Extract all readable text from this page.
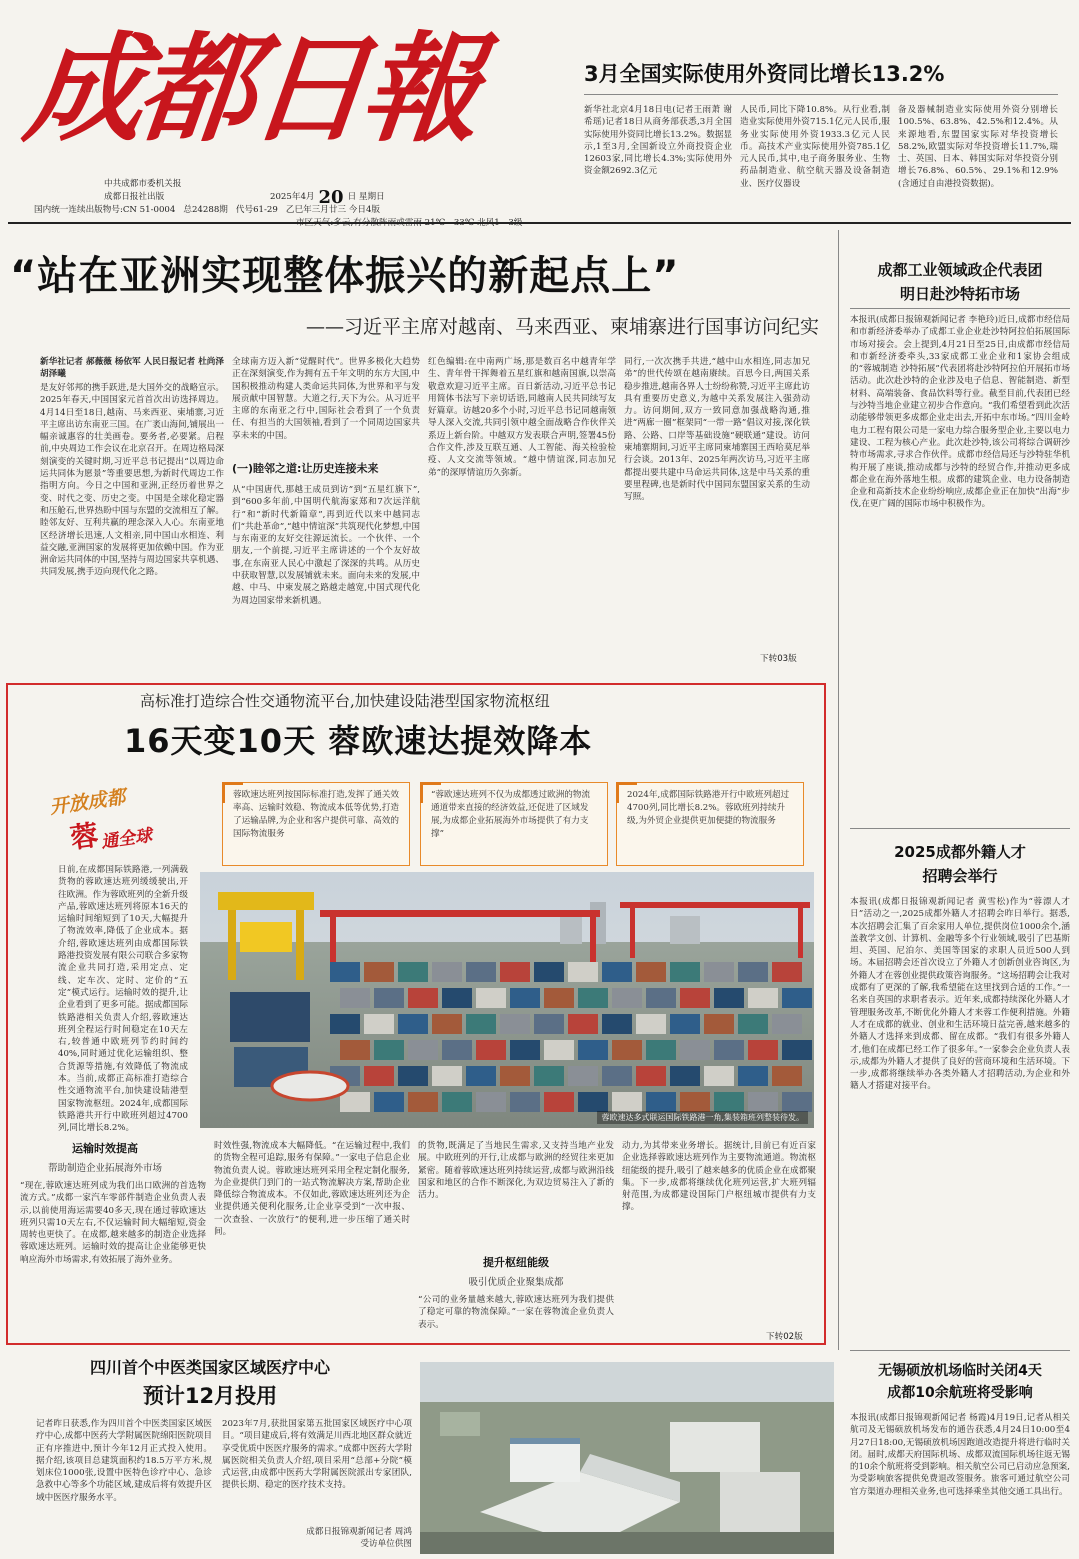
成都日報
中共成都市委机关报
成都日报社出版	2025年4月 20 日 星期日
国内统一连续出版物号:CN 51-0004 总24288期 代号61-29 乙巳年三月廿三 今日4版
3月全国实际使用外资同比增长13.2%
新华社北京4月18日电(记者王雨萧 谢希瑶)记者18日从商务部获悉,3月全国实际使用外资同比增长13.2%。数据显示,1至3月,全国新设立外商投资企业12603家,同比增长4.3%;实际使用外资金额2692.3亿元
人民币,同比下降10.8%。从行业看,制造业实际使用外资715.1亿元人民币,服务业实际使用外资1933.3亿元人民币。高技术产业实际使用外资785.1亿元人民币,其中,电子商务服务业、生物药品制造业、航空航天器及设备制造业、医疗仪器设
备及器械制造业实际使用外资分别增长100.5%、63.8%、42.5%和12.4%。从来源地看,东盟国家实际对华投资增长58.2%,欧盟实际对华投资增长11.7%,瑞士、英国、日本、韩国实际对华投资分别增长76.8%、60.5%、29.1%和12.9%(含通过自由港投资数据)。
“站在亚洲实现整体振兴的新起点上”
——习近平主席对越南、马来西亚、柬埔寨进行国事访问纪实
新华社记者 郝薇薇 杨依军 人民日报记者 杜尚泽 胡泽曦
是友好邻邦的携手跃进,是大国外交的战略宣示。2025年春天,中国国家元首首次出访选择周边。4月14日至18日,越南、马来西亚、柬埔寨,习近平主席出访东南亚三国。在广袤山海间,铺展出一幅亲诚惠容的壮美画卷。要务者,必要紧。启程前,中央周边工作会议在北京召开。在周边格局深刻演变的关键时期,习近平总书记提出“以周边命运共同体为愿景”等重要思想,为新时代周边工作指明方向。今日之中国和亚洲,正经历着世界之变、时代之变、历史之变。中国是全球化稳定器和压舱石,世界热盼中国与东盟的交流相互了解。睦邻友好、互利共赢的理念深入人心。东南亚地区经济增长迅速,人文相亲,同中国山水相连、利益交融,亚洲国家的发展将更加依赖中国。作为亚洲命运共同体的中国,坚持与周边国家共享机遇、共同发展,携手迈向现代化之路。
全球南方迈入新“觉醒时代”。世界多极化大趋势正在深刻演变,作为拥有五千年文明的东方大国,中国积极推动构建人类命运共同体,为世界和平与发展贡献中国智慧。大道之行,天下为公。从习近平主席的东南亚之行中,国际社会看到了一个负责任、有担当的大国领袖,看到了一个同周边国家共享未来的中国。
(一)睦邻之道:让历史连接未来
从“中国唐代,那越王成员到访”到“五星红旗下”,到“600多年前,中国明代航海家郑和7次远洋航行”和“新时代新篇章”,再到近代以来中越同志们“共赴革命”,“越中情谊深”共筑现代化梦想,中国与东南亚的友好交往源远流长。一个伙伴、一个朋友,一个前提,习近平主席讲述的一个个友好故事,在东南亚人民心中激起了深深的共鸣。从历史中获取智慧,以发展铺就未来。面向未来的发展,中越、中马、中柬发展之路越走越宽,中国式现代化为周边国家带来新机遇。
红色编辑:在中南两广场,那是数百名中越青年学生、青年骨干挥舞着五星红旗和越南国旗,以崇高敬意欢迎习近平主席。百日新活动,习近平总书记用简体书法写下亲切话语,同越南人民共同续写友好篇章。访越20多个小时,习近平总书记同越南领导人深入交流,共同引领中越全面战略合作伙伴关系迈上新台阶。中越双方发表联合声明,签署45份合作文件,涉及互联互通、人工智能、海关检验检疫、人文交流等领域。“越中情谊深,同志加兄弟”的深厚情谊历久弥新。
同行,一次次携手共进,“越中山水相连,同志加兄弟”的世代传颂在越南赓续。百思今日,两国关系稳步推进,越南各界人士纷纷称赞,习近平主席此访具有重要历史意义,为越中关系发展注入强劲动力。访问期间,双方一致同意加强战略沟通,推进“两廊一圈”框架同“一带一路”倡议对接,深化铁路、公路、口岸等基础设施“硬联通”建设。访问柬埔寨期间,习近平主席同柬埔寨国王西哈莫尼举行会谈。2013年、2025年两次访马,习近平主席都提出要共建中马命运共同体,这是中马关系的重要里程碑,也是新时代中国同东盟国家关系的生动写照。
下转03版
成都工业领域政企代表团
明日赴沙特拓市场
本报讯(成都日报锦观新闻记者 李艳玲)近日,成都市经信局和市新经济委举办了成都工业企业赴沙特阿拉伯拓展国际市场对接会。会上提到,4月21日至25日,由成都市经信局和市新经济委牵头,33家成都工业企业和1家协会组成的“蓉城制造 沙特拓展”代表团将赴沙特阿拉伯开展拓市场活动。此次赴沙特的企业涉及电子信息、智能制造、新型材料、高端装备、食品饮料等行业。截至目前,代表团已经与沙特当地企业建立初步合作意向。“我们希望看到此次活动能够带领更多成都企业走出去,开拓中东市场。”四川金岭电力工程有限公司是一家电力综合服务型企业,主要以电力建设、工程为核心产业。此次赴沙特,该公司将综合调研沙特市场需求,寻求合作伙伴。成都市经信局还与沙特驻华机构开展了座谈,推动成都与沙特的经贸合作,并推动更多成都企业在海外落地生根。成都的建筑企业、电力设备制造企业和高新技术企业纷纷响应,成都企业正在加快“出海”步伐,在更广阔的国际市场中积极作为。
2025成都外籍人才
招聘会举行
本报讯(成都日报锦观新闻记者 黄雪松)作为“蓉漂人才日”活动之一,2025成都外籍人才招聘会昨日举行。据悉,本次招聘会汇集了百余家用人单位,提供岗位1000余个,涵盖教学文创、计算机、金融等多个行业领域,吸引了巴基斯坦、英国、尼泊尔、美国等国家的求职人员近500人到场。本届招聘会还首次设立了外籍人才创新创业咨询区,为外籍人才在蓉创业提供政策咨询服务。“这场招聘会让我对成都有了更深的了解,我希望能在这里找到合适的工作。”一名来自英国的求职者表示。近年来,成都持续深化外籍人才管理服务改革,不断优化外籍人才来蓉工作便利措施。外籍人才在成都的就业、创业和生活环境日益完善,越来越多的外籍人才选择来到成都、留在成都。“我们有很多外籍人才,他们在成都已经工作了很多年。”一家参会企业负责人表示,成都为外籍人才提供了良好的营商环境和生活环境。下一步,成都将继续举办各类外籍人才招聘活动,为企业和外籍人才搭建对接平台。
高标准打造综合性交通物流平台,加快建设陆港型国家物流枢纽
16天变10天 蓉欧速达提效降本
开放成都
蓉 通全球
蓉欧速达班列按国际标准打造,发挥了通关效率高、运输时效稳、物流成本低等优势,打造了运输品牌,为企业和客户提供可靠、高效的国际物流服务
“蓉欧速达班列不仅为成都透过欧洲的物流通道带来直接的经济效益,还促进了区域发展,为成都企业拓展海外市场提供了有力支撑”
2024年,成都国际铁路港开行中欧班列超过4700列,同比增长8.2%。蓉欧班列持续升级,为外贸企业提供更加便捷的物流服务
日前,在成都国际铁路港,一列满载货物的蓉欧速达班列缓缓驶出,开往欧洲。作为蓉欧班列的全新升级产品,蓉欧速达班列将原本16天的运输时间缩短到了10天,大幅提升了物流效率,降低了企业成本。据介绍,蓉欧速达班列由成都国际铁路港投资发展有限公司联合多家物流企业共同打造,采用定点、定线、定车次、定时、定价的“五定”模式运行。运输时效的提升,让企业看到了更多可能。据成都国际铁路港相关负责人介绍,蓉欧速达班列全程运行时间稳定在10天左右,较普通中欧班列节约时间约40%,同时通过优化运输组织、整合货源等措施,有效降低了物流成本。当前,成都正高标准打造综合性交通物流平台,加快建设陆港型国家物流枢纽。2024年,成都国际铁路港共开行中欧班列超过4700列,同比增长8.2%。
蓉欧速达多式联运国际铁路港一角,集装箱班列整装待发。
运输时效提高
帮助制造企业拓展海外市场
“现在,蓉欧速达班列成为我们出口欧洲的首选物流方式。”成都一家汽车零部件制造企业负责人表示,以前使用海运需要40多天,现在通过蓉欧速达班列只需10天左右,不仅运输时间大幅缩短,资金周转也更快了。在成都,越来越多的制造企业选择蓉欧速达班列。运输时效的提高让企业能够更快响应海外市场需求,有效拓展了海外业务。
时效性强,物流成本大幅降低。“在运输过程中,我们的货物全程可追踪,服务有保障。”一家电子信息企业物流负责人说。蓉欧速达班列采用全程定制化服务,为企业提供门到门的一站式物流解决方案,帮助企业降低综合物流成本。不仅如此,蓉欧速达班列还为企业提供通关便利化服务,让企业享受到“一次申报、一次查验、一次放行”的便利,进一步压缩了通关时间。
的货物,既满足了当地民生需求,又支持当地产业发展。中欧班列的开行,让成都与欧洲的经贸往来更加紧密。随着蓉欧速达班列持续运营,成都与欧洲沿线国家和地区的合作不断深化,为双边贸易注入了新的活力。
提升枢纽能级
吸引优质企业聚集成都
“公司的业务量越来越大,蓉欧速达班列为我们提供了稳定可靠的物流保障。”一家在蓉物流企业负责人表示。
动力,为其带来业务增长。据统计,目前已有近百家企业选择蓉欧速达班列作为主要物流通道。物流枢纽能级的提升,吸引了越来越多的优质企业在成都聚集。下一步,成都将继续优化班列运营,扩大班列辐射范围,为成都建设国际门户枢纽城市提供有力支撑。
下转02版
四川首个中医类国家区域医疗中心
预计12月投用
记者昨日获悉,作为四川首个中医类国家区域医疗中心,成都中医药大学附属医院绵阳医院项目正有序推进中,预计今年12月正式投入使用。据介绍,该项目总建筑面积约18.5万平方米,规划床位1000张,设置中医特色诊疗中心、急诊急救中心等多个功能区域,建成后将有效提升区域中医医疗服务水平。
2023年7月,获批国家第五批国家区域医疗中心项目。“项目建成后,将有效满足川西北地区群众就近享受优质中医医疗服务的需求。”成都中医药大学附属医院相关负责人介绍,项目采用“总部+分院”模式运营,由成都中医药大学附属医院派出专家团队,提供长期、稳定的医疗技术支持。
成都日报锦观新闻记者 周鸿
受访单位供图
无锡硕放机场临时关闭4天
成都10余航班将受影响
本报讯(成都日报锦观新闻记者 杨霞)4月19日,记者从相关航司及无锡硕放机场发布的通告获悉,4月24日10:00至4月27日18:00,无锡硕放机场因跑道改造提升将进行临时关闭。届时,成都天府国际机场、成都双流国际机场往返无锡的10余个航班将受到影响。相关航空公司已启动应急预案,为受影响旅客提供免费退改签服务。旅客可通过航空公司官方渠道办理相关业务,也可选择乘坐其他交通工具出行。
